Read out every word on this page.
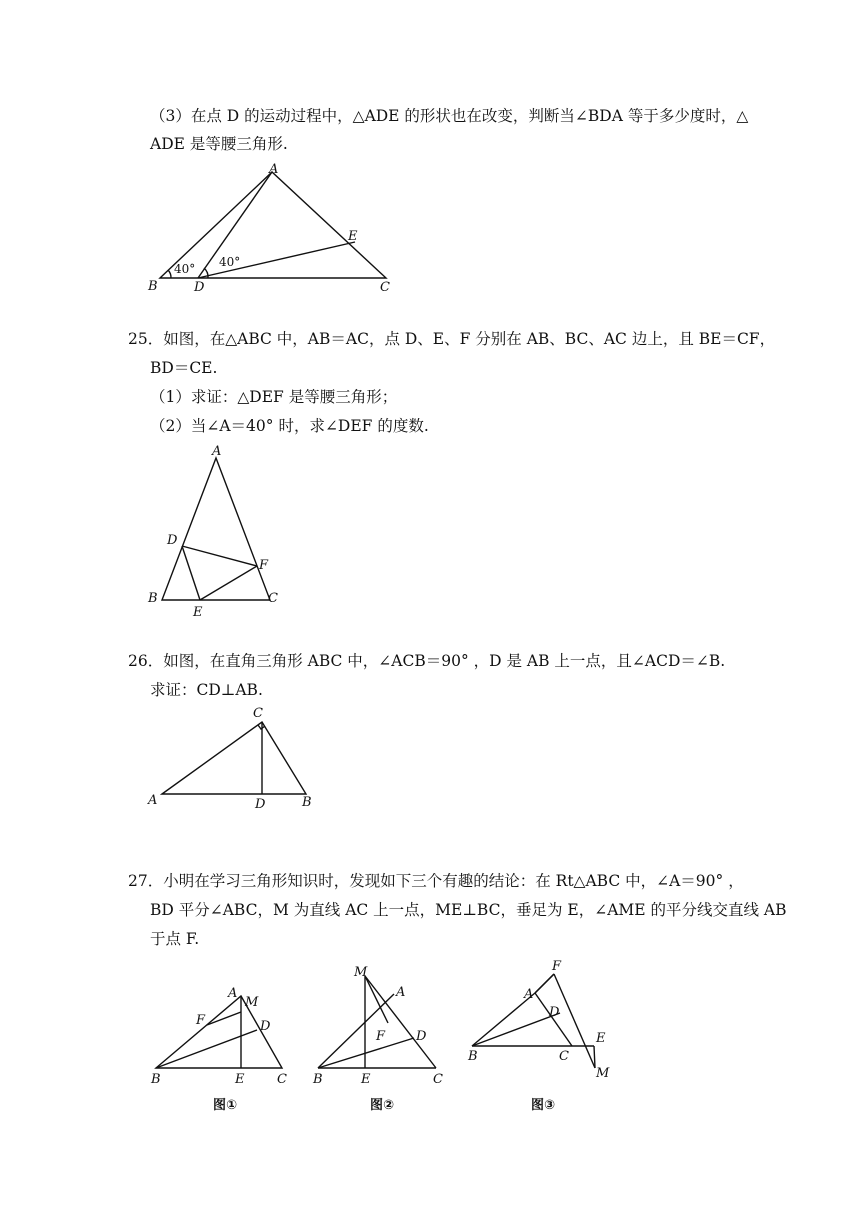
（3）在点 D 的运动过程中，△ADE 的形状也在改变，判断当∠BDA 等于多少度时，△
ADE 是等腰三角形.
A
B	D	C
E
40° 40°
25．如图，在△ABC 中，AB＝AC，点 D、E、F 分别在 AB、BC、AC 边上，且 BE＝CF，
BD＝CE.
（1）求证：△DEF 是等腰三角形；
（2）当∠A＝40° 时，求∠DEF 的度数.
A
D
F
B
E
C
26．如图，在直角三角形 ABC 中，∠ACB＝90° ，D 是 AB 上一点，且∠ACD＝∠B.
求证：CD⊥AB.
C
A	D	B
27．小明在学习三角形知识时，发现如下三个有趣的结论：在 Rt△ABC 中，∠A＝90° ，
BD 平分∠ABC，M 为直线 AC 上一点，ME⊥BC，垂足为 E，∠AME 的平分线交直线 AB
于点 F.
A
M
F	D
B	E	C
图①
M
A
F D
B	E	C
图②
F
A
D
E
B	C
M
图③
